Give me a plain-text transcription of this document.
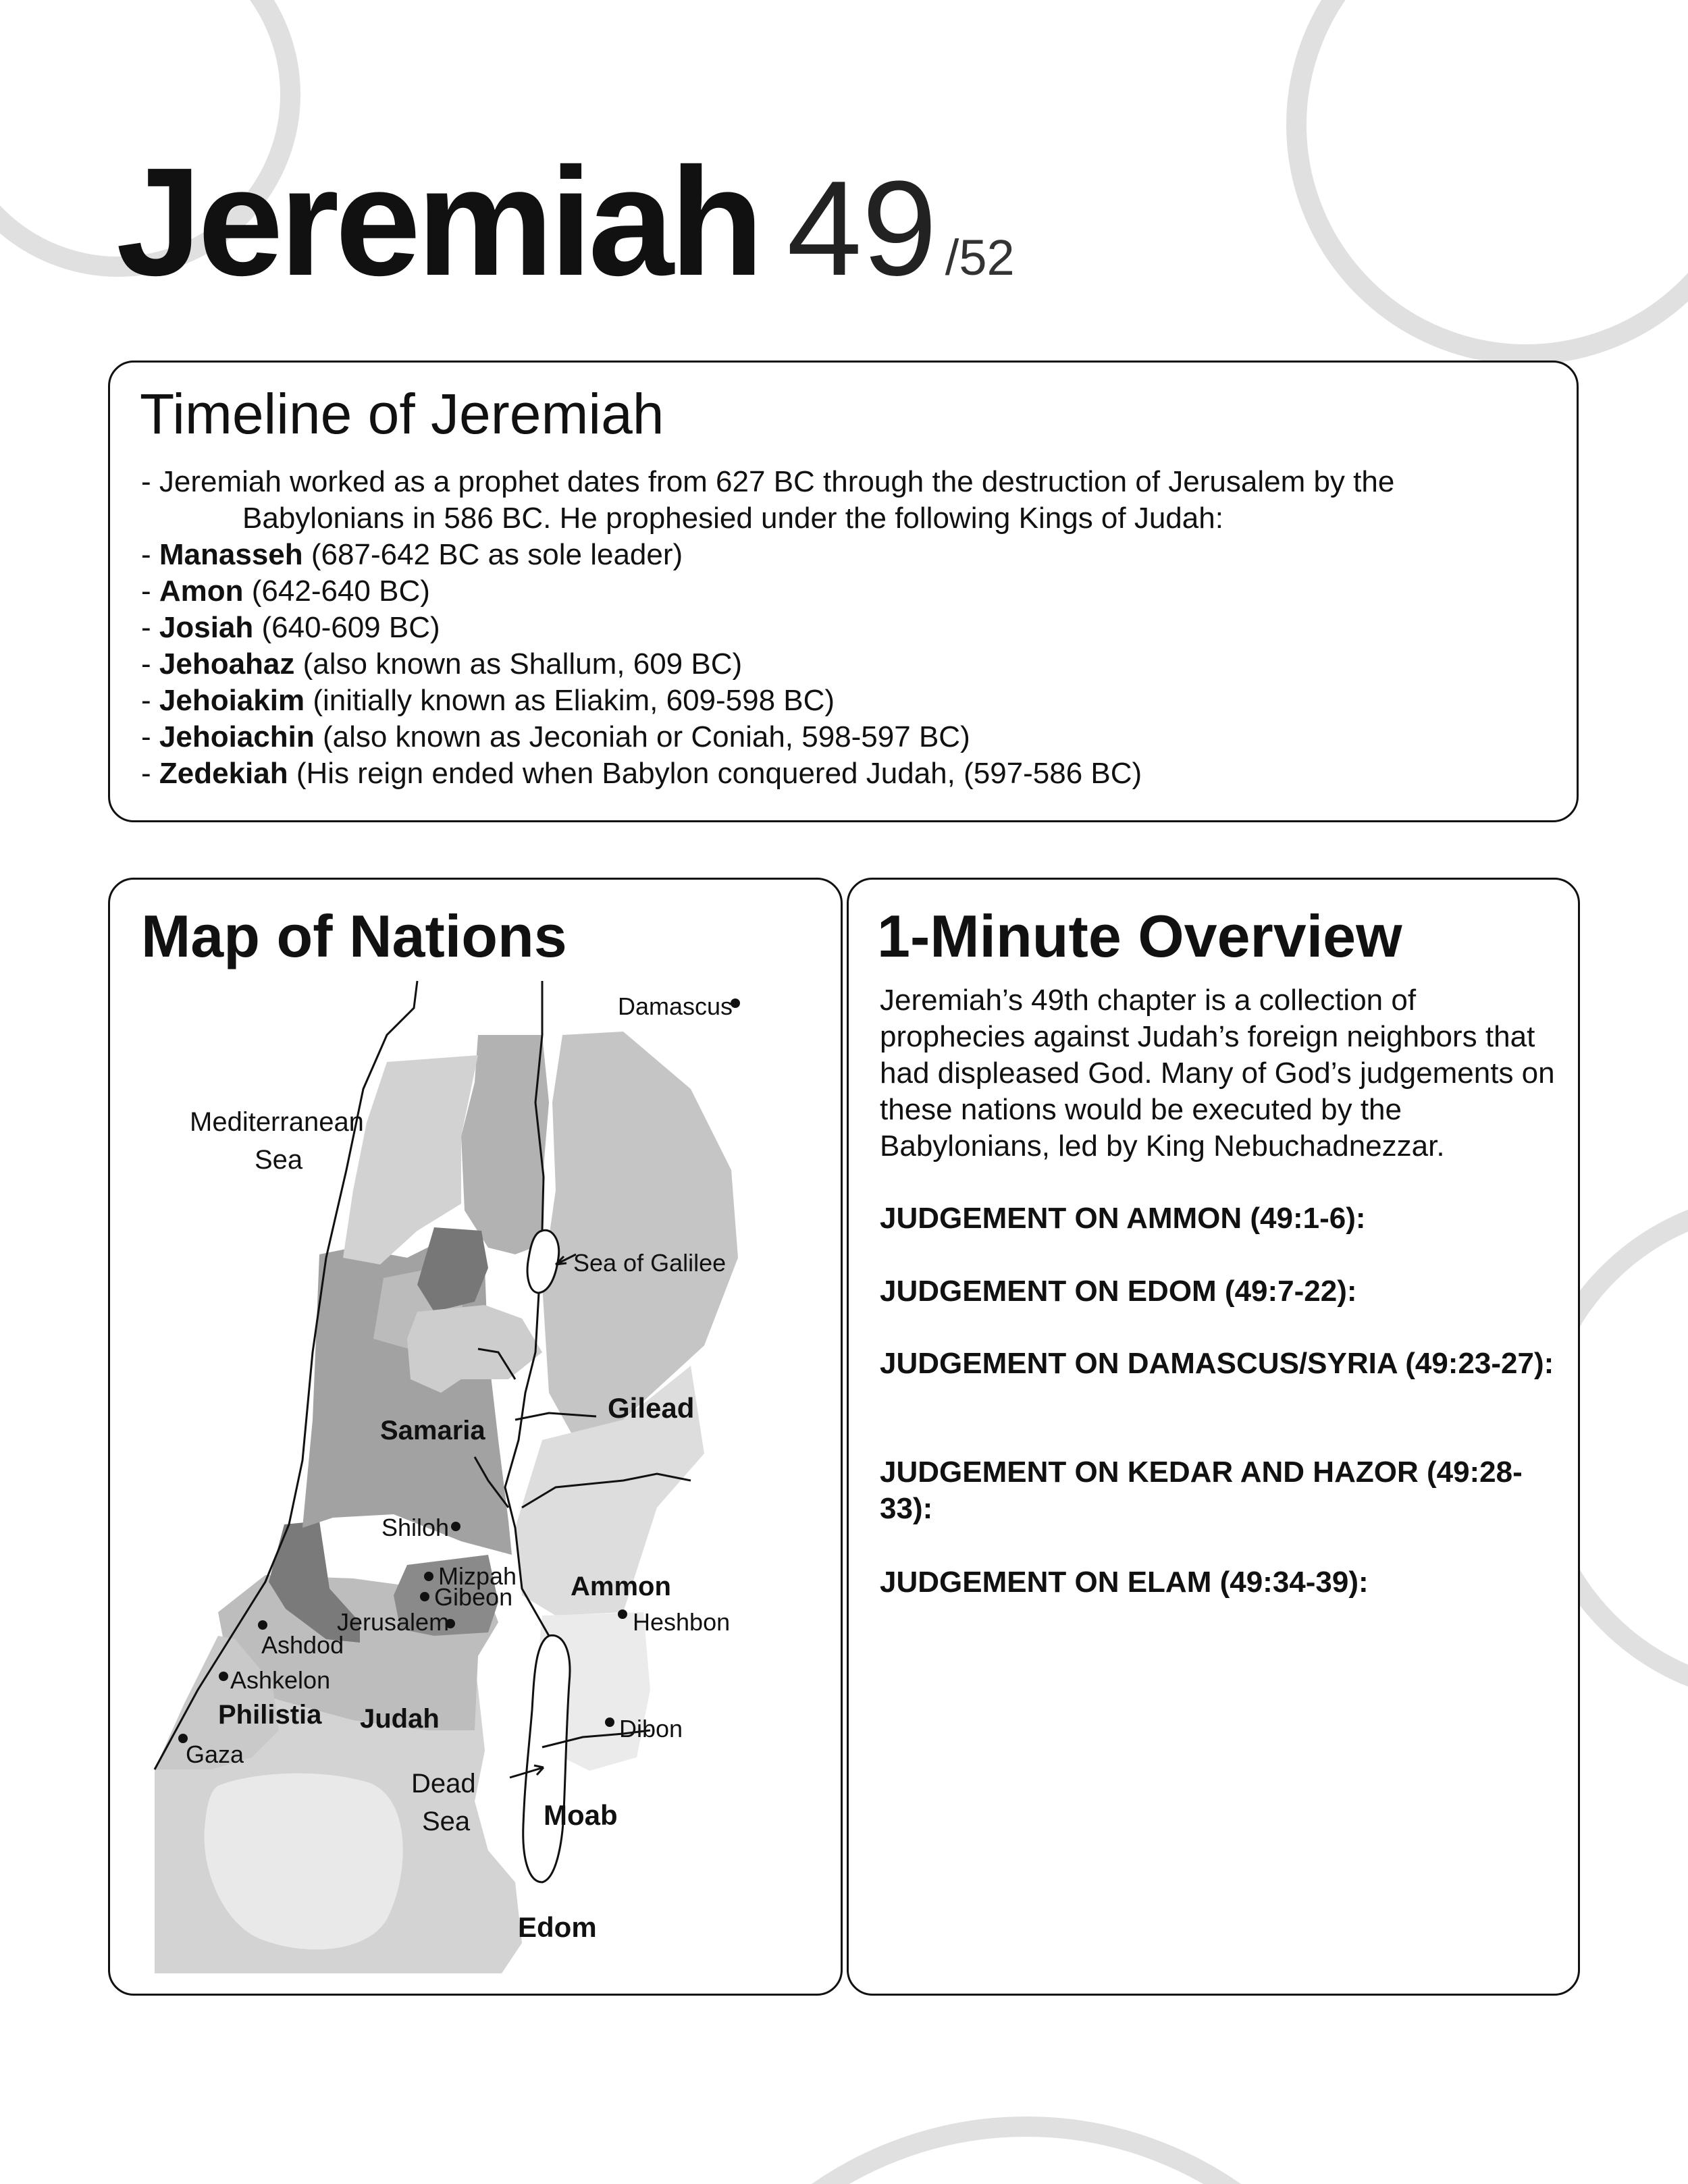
Jeremiah 49 /52
Timeline of Jeremiah
- Jeremiah worked as a prophet dates from 627 BC through the destruction of Jerusalem by the Babylonians in 586 BC. He prophesied under the following Kings of Judah:
- Manasseh (687-642 BC as sole leader)
- Amon (642-640 BC)
- Josiah (640-609 BC)
- Jehoahaz (also known as Shallum, 609 BC)
- Jehoiakim (initially known as Eliakim, 609-598 BC)
- Jehoiachin (also known as Jeconiah or Coniah, 598-597 BC)
- Zedekiah (His reign ended when Babylon conquered Judah, (597-586 BC)
Damascus
Mediterranean
Sea
Sea of Galilee
Gilead
Samaria
Shiloh
Mizpah
Gibeon Ammon
Jerusalem	Heshbon
Ashdod
Ashkelon
Philistia Judah	Dibon
Gaza
Dead
Sea	Moab
Edom
Map of Nations	1-Minute Overview

Jeremiah’s 49th chapter is a collection of prophecies against Judah’s foreign neighbors that had displeased God. Many of God’s judgements on these nations would be executed by the Babylonians, led by King Nebuchadnezzar.

JUDGEMENT ON AMMON (49:1-6):

JUDGEMENT ON EDOM (49:7-22):

JUDGEMENT ON DAMASCUS/SYRIA (49:23-27):

JUDGEMENT ON KEDAR AND HAZOR (49:28-33):

JUDGEMENT ON ELAM (49:34-39):
